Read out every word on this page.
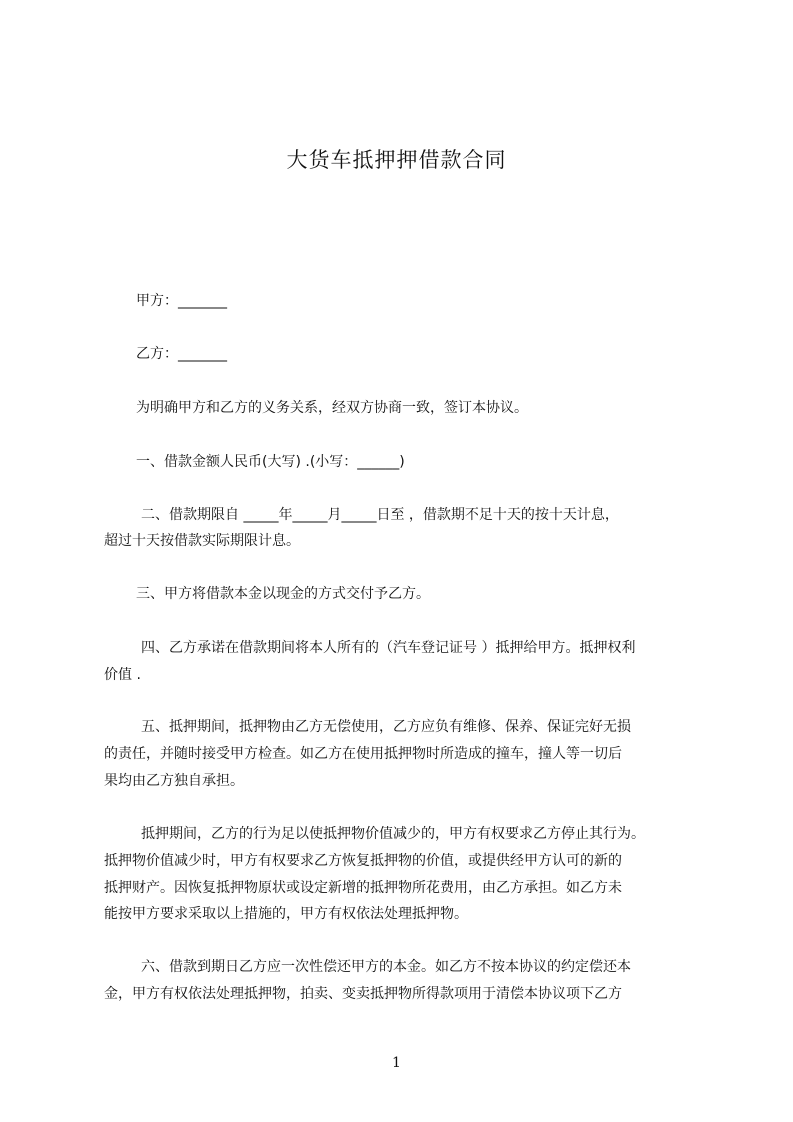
大货车抵押押借款合同
甲方：_______
乙方：_______
为明确甲方和乙方的义务关系，经双方协商一致，签订本协议。
一、借款金额人民币(大写) .(小写：______)
二、借款期限自 _____年_____月_____日至 ，借款期不足十天的按十天计息，
超过十天按借款实际期限计息。
三、甲方将借款本金以现金的方式交付予乙方。
四、乙方承诺在借款期间将本人所有的（汽车登记证号 ）抵押给甲方。抵押权利
价值 .
五、抵押期间，抵押物由乙方无偿使用，乙方应负有维修、保养、保证完好无损
的责任，并随时接受甲方检查。如乙方在使用抵押物时所造成的撞车，撞人等一切后
果均由乙方独自承担。
抵押期间，乙方的行为足以使抵押物价值减少的，甲方有权要求乙方停止其行为。
抵押物价值减少时，甲方有权要求乙方恢复抵押物的价值，或提供经甲方认可的新的
抵押财产。因恢复抵押物原状或设定新增的抵押物所花费用，由乙方承担。如乙方未
能按甲方要求采取以上措施的，甲方有权依法处理抵押物。
六、借款到期日乙方应一次性偿还甲方的本金。如乙方不按本协议的约定偿还本
金，甲方有权依法处理抵押物，拍卖、变卖抵押物所得款项用于清偿本协议项下乙方
1
